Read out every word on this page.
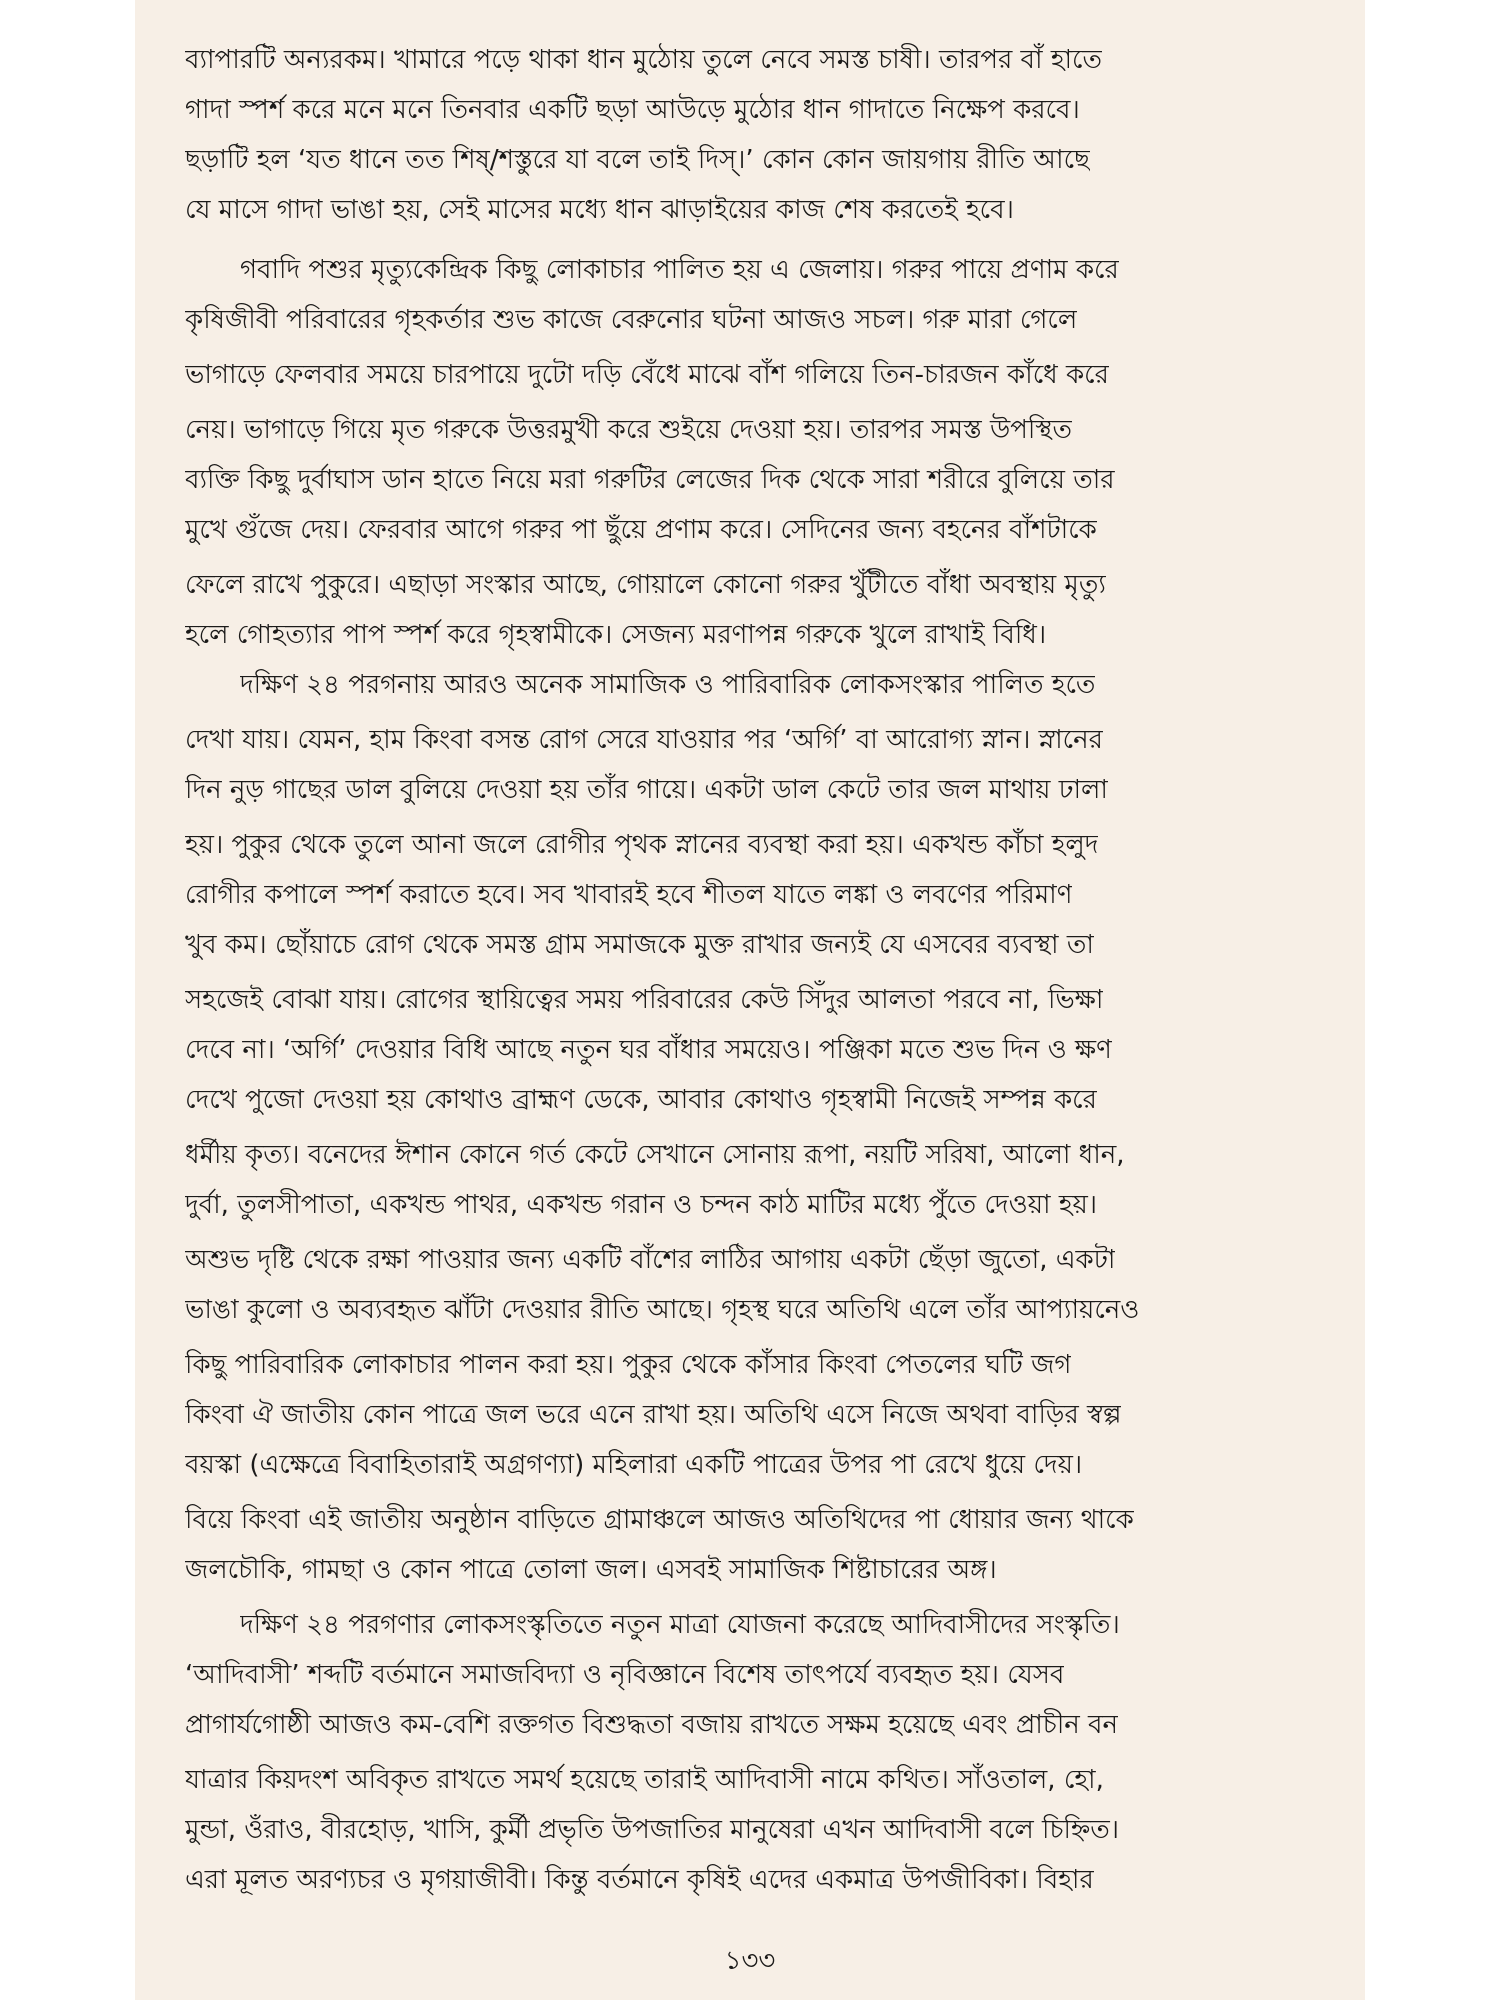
ব্যাপারটি অন্যরকম। খামারে পড়ে থাকা ধান মুঠোয় তুলে নেবে সমস্ত চাষী। তারপর বাঁ হাতে
গাদা স্পর্শ করে মনে মনে তিনবার একটি ছড়া আউড়ে মুঠোর ধান গাদাতে নিক্ষেপ করবে।
ছড়াটি হল ‘যত ধানে তত শিষ্/শস্তুরে যা বলে তাই দিস্।’ কোন কোন জায়গায় রীতি আছে
যে মাসে গাদা ভাঙা হয়, সেই মাসের মধ্যে ধান ঝাড়াইয়ের কাজ শেষ করতেই হবে।
গবাদি পশুর মৃত্যুকেন্দ্রিক কিছু লোকাচার পালিত হয় এ জেলায়। গরুর পায়ে প্রণাম করে
কৃষিজীবী পরিবারের গৃহকর্তার শুভ কাজে বেরুনোর ঘটনা আজও সচল। গরু মারা গেলে
ভাগাড়ে ফেলবার সময়ে চারপায়ে দুটো দড়ি বেঁধে মাঝে বাঁশ গলিয়ে তিন-চারজন কাঁধে করে
নেয়। ভাগাড়ে গিয়ে মৃত গরুকে উত্তরমুখী করে শুইয়ে দেওয়া হয়। তারপর সমস্ত উপস্থিত
ব্যক্তি কিছু দুর্বাঘাস ডান হাতে নিয়ে মরা গরুটির লেজের দিক থেকে সারা শরীরে বুলিয়ে তার
মুখে গুঁজে দেয়। ফেরবার আগে গরুর পা ছুঁয়ে প্রণাম করে। সেদিনের জন্য বহনের বাঁশটাকে
ফেলে রাখে পুকুরে। এছাড়া সংস্কার আছে, গোয়ালে কোনো গরুর খুঁটীতে বাঁধা অবস্থায় মৃত্যু
হলে গোহত্যার পাপ স্পর্শ করে গৃহস্বামীকে। সেজন্য মরণাপন্ন গরুকে খুলে রাখাই বিধি।
দক্ষিণ ২৪ পরগনায় আরও অনেক সামাজিক ও পারিবারিক লোকসংস্কার পালিত হতে
দেখা যায়। যেমন, হাম কিংবা বসন্ত রোগ সেরে যাওয়ার পর ‘অর্গি’ বা আরোগ্য স্নান। স্নানের
দিন নুড় গাছের ডাল বুলিয়ে দেওয়া হয় তাঁর গায়ে। একটা ডাল কেটে তার জল মাথায় ঢালা
হয়। পুকুর থেকে তুলে আনা জলে রোগীর পৃথক স্নানের ব্যবস্থা করা হয়। একখন্ড কাঁচা হলুদ
রোগীর কপালে স্পর্শ করাতে হবে। সব খাবারই হবে শীতল যাতে লঙ্কা ও লবণের পরিমাণ
খুব কম। ছোঁয়াচে রোগ থেকে সমস্ত গ্রাম সমাজকে মুক্ত রাখার জন্যই যে এসবের ব্যবস্থা তা
সহজেই বোঝা যায়। রোগের স্থায়িত্বের সময় পরিবারের কেউ সিঁদুর আলতা পরবে না, ভিক্ষা
দেবে না। ‘অর্গি’ দেওয়ার বিধি আছে নতুন ঘর বাঁধার সময়েও। পঞ্জিকা মতে শুভ দিন ও ক্ষণ
দেখে পুজো দেওয়া হয় কোথাও ব্রাহ্মণ ডেকে, আবার কোথাও গৃহস্বামী নিজেই সম্পন্ন করে
ধর্মীয় কৃত্য। বনেদের ঈশান কোনে গর্ত কেটে সেখানে সোনায় রূপা, নয়টি সরিষা, আলো ধান,
দুর্বা, তুলসীপাতা, একখন্ড পাথর, একখন্ড গরান ও চন্দন কাঠ মাটির মধ্যে পুঁতে দেওয়া হয়।
অশুভ দৃষ্টি থেকে রক্ষা পাওয়ার জন্য একটি বাঁশের লাঠির আগায় একটা ছেঁড়া জুতো, একটা
ভাঙা কুলো ও অব্যবহৃত ঝাঁটা দেওয়ার রীতি আছে। গৃহস্থ ঘরে অতিথি এলে তাঁর আপ্যায়নেও
কিছু পারিবারিক লোকাচার পালন করা হয়। পুকুর থেকে কাঁসার কিংবা পেতলের ঘটি জগ
কিংবা ঐ জাতীয় কোন পাত্রে জল ভরে এনে রাখা হয়। অতিথি এসে নিজে অথবা বাড়ির স্বল্প
বয়স্কা (এক্ষেত্রে বিবাহিতারাই অগ্রগণ্যা) মহিলারা একটি পাত্রের উপর পা রেখে ধুয়ে দেয়।
বিয়ে কিংবা এই জাতীয় অনুষ্ঠান বাড়িতে গ্রামাঞ্চলে আজও অতিথিদের পা ধোয়ার জন্য থাকে
জলচৌকি, গামছা ও কোন পাত্রে তোলা জল। এসবই সামাজিক শিষ্টাচারের অঙ্গ।
দক্ষিণ ২৪ পরগণার লোকসংস্কৃতিতে নতুন মাত্রা যোজনা করেছে আদিবাসীদের সংস্কৃতি।
‘আদিবাসী’ শব্দটি বর্তমানে সমাজবিদ্যা ও নৃবিজ্ঞানে বিশেষ তাৎপর্যে ব্যবহৃত হয়। যেসব
প্রাগার্যগোষ্ঠী আজও কম-বেশি রক্তগত বিশুদ্ধতা বজায় রাখতে সক্ষম হয়েছে এবং প্রাচীন বন
যাত্রার কিয়দংশ অবিকৃত রাখতে সমর্থ হয়েছে তারাই আদিবাসী নামে কথিত। সাঁওতাল, হো,
মুন্ডা, ওঁরাও, বীরহোড়, খাসি, কুর্মী প্রভৃতি উপজাতির মানুষেরা এখন আদিবাসী বলে চিহ্নিত।
এরা মূলত অরণ্যচর ও মৃগয়াজীবী। কিন্তু বর্তমানে কৃষিই এদের একমাত্র উপজীবিকা। বিহার
১৩৩
